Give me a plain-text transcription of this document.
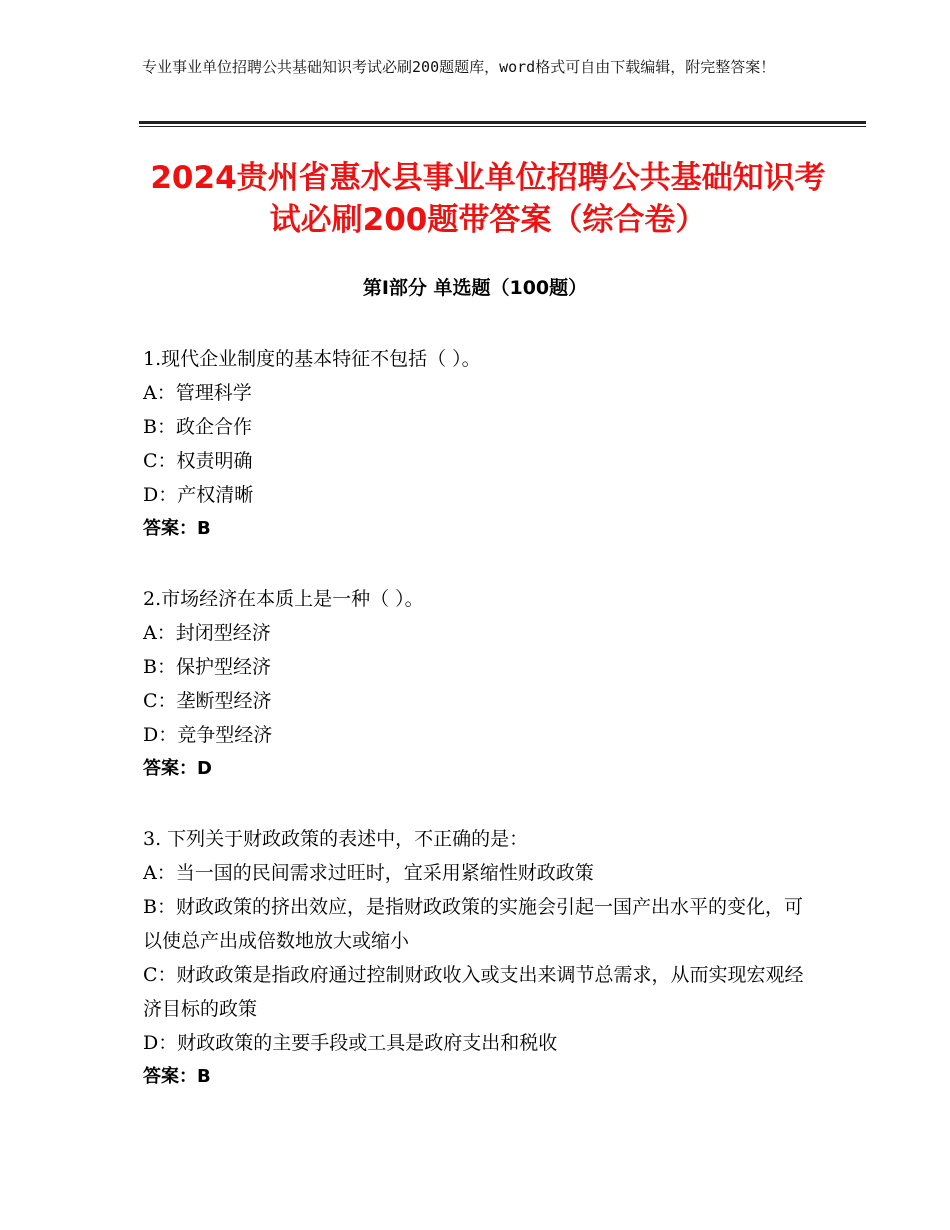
专业事业单位招聘公共基础知识考试必刷200题题库，word格式可自由下载编辑，附完整答案！
2024贵州省惠水县事业单位招聘公共基础知识考试必刷200题带答案（综合卷）
第I部分 单选题（100题）

1.现代企业制度的基本特征不包括（ ）。

A：管理科学

B：政企合作

C：权责明确

D：产权清晰

答案：B

2.市场经济在本质上是一种（ ）。

A：封闭型经济

B：保护型经济

C：垄断型经济

D：竞争型经济

答案：D

3. 下列关于财政政策的表述中，不正确的是：

A：当一国的民间需求过旺时，宜采用紧缩性财政政策

B：财政政策的挤出效应，是指财政政策的实施会引起一国产出水平的变化，可以使总产出成倍数地放大或缩小

C：财政政策是指政府通过控制财政收入或支出来调节总需求，从而实现宏观经济目标的政策

D：财政政策的主要手段或工具是政府支出和税收

答案：B
